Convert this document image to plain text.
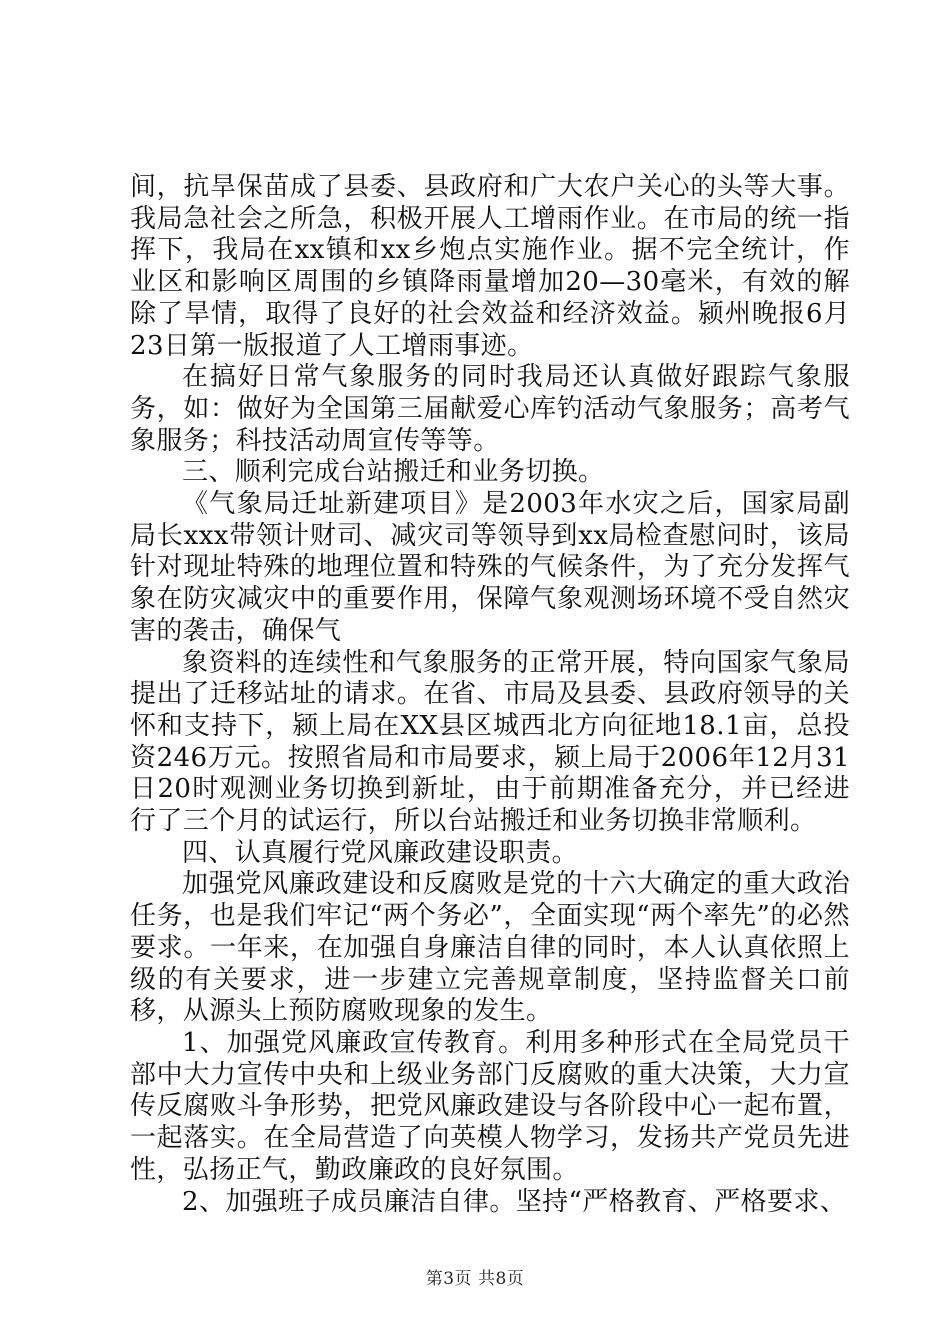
间，抗旱保苗成了县委、县政府和广大农户关心的头等大事。我局急社会之所急，积极开展人工增雨作业。在市局的统一指挥下，我局在xx镇和xx乡炮点实施作业。据不完全统计，作业区和影响区周围的乡镇降雨量增加20—30毫米，有效的解除了旱情，取得了良好的社会效益和经济效益。颍州晚报6月23日第一版报道了人工增雨事迹。

在搞好日常气象服务的同时我局还认真做好跟踪气象服务，如：做好为全国第三届献爱心库钓活动气象服务；高考气象服务；科技活动周宣传等等。

三、顺利完成台站搬迁和业务切换。

《气象局迁址新建项目》是2003年水灾之后，国家局副局长xxx带领计财司、减灾司等领导到xx局检查慰问时，该局针对现址特殊的地理位置和特殊的气候条件，为了充分发挥气象在防灾减灾中的重要作用，保障气象观测场环境不受自然灾害的袭击，确保气

象资料的连续性和气象服务的正常开展，特向国家气象局提出了迁移站址的请求。在省、市局及县委、县政府领导的关怀和支持下，颍上局在XX县区城西北方向征地18.1亩，总投资246万元。按照省局和市局要求，颍上局于2006年12月31日20时观测业务切换到新址，由于前期准备充分，并已经进行了三个月的试运行，所以台站搬迁和业务切换非常顺利。

四、认真履行党风廉政建设职责。

加强党风廉政建设和反腐败是党的十六大确定的重大政治任务，也是我们牢记“两个务必”，全面实现“两个率先”的必然要求。一年来，在加强自身廉洁自律的同时，本人认真依照上级的有关要求，进一步建立完善规章制度，坚持监督关口前移，从源头上预防腐败现象的发生。

1、加强党风廉政宣传教育。利用多种形式在全局党员干部中大力宣传中央和上级业务部门反腐败的重大决策，大力宣传反腐败斗争形势，把党风廉政建设与各阶段中心一起布置，一起落实。在全局营造了向英模人物学习，发扬共产党员先进性，弘扬正气，勤政廉政的良好氛围。

2、加强班子成员廉洁自律。坚持“严格教育、严格要求、

第3页 共8页
